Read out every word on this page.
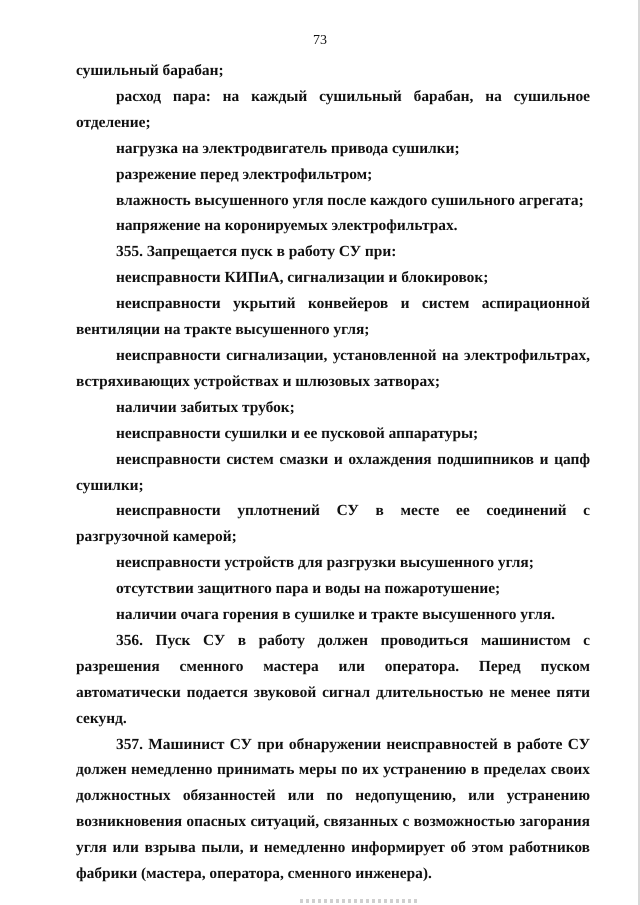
73

сушильный барабан;

расход пара: на каждый сушильный барабан, на сушильное отделение;

нагрузка на электродвигатель привода сушилки;

разрежение перед электрофильтром;

влажность высушенного угля после каждого сушильного агрегата;

напряжение на коронируемых электрофильтрах.

355. Запрещается пуск в работу СУ при:

неисправности КИПиА, сигнализации и блокировок;

неисправности укрытий конвейеров и систем аспирационной вентиляции на тракте высушенного угля;

неисправности сигнализации, установленной на электрофильтрах, встряхивающих устройствах и шлюзовых затворах;

наличии забитых трубок;

неисправности сушилки и ее пусковой аппаратуры;

неисправности систем смазки и охлаждения подшипников и цапф сушилки;

неисправности уплотнений СУ в месте ее соединений с разгрузочной камерой;

неисправности устройств для разгрузки высушенного угля;

отсутствии защитного пара и воды на пожаротушение;

наличии очага горения в сушилке и тракте высушенного угля.

356. Пуск СУ в работу должен проводиться машинистом с разрешения сменного мастера или оператора. Перед пуском автоматически подается звуковой сигнал длительностью не менее пяти секунд.

357. Машинист СУ при обнаружении неисправностей в работе СУ должен немедленно принимать меры по их устранению в пределах своих должностных обязанностей или по недопущению, или устранению возникновения опасных ситуаций, связанных с возможностью загорания угля или взрыва пыли, и немедленно информирует об этом работников фабрики (мастера, оператора, сменного инженера).
